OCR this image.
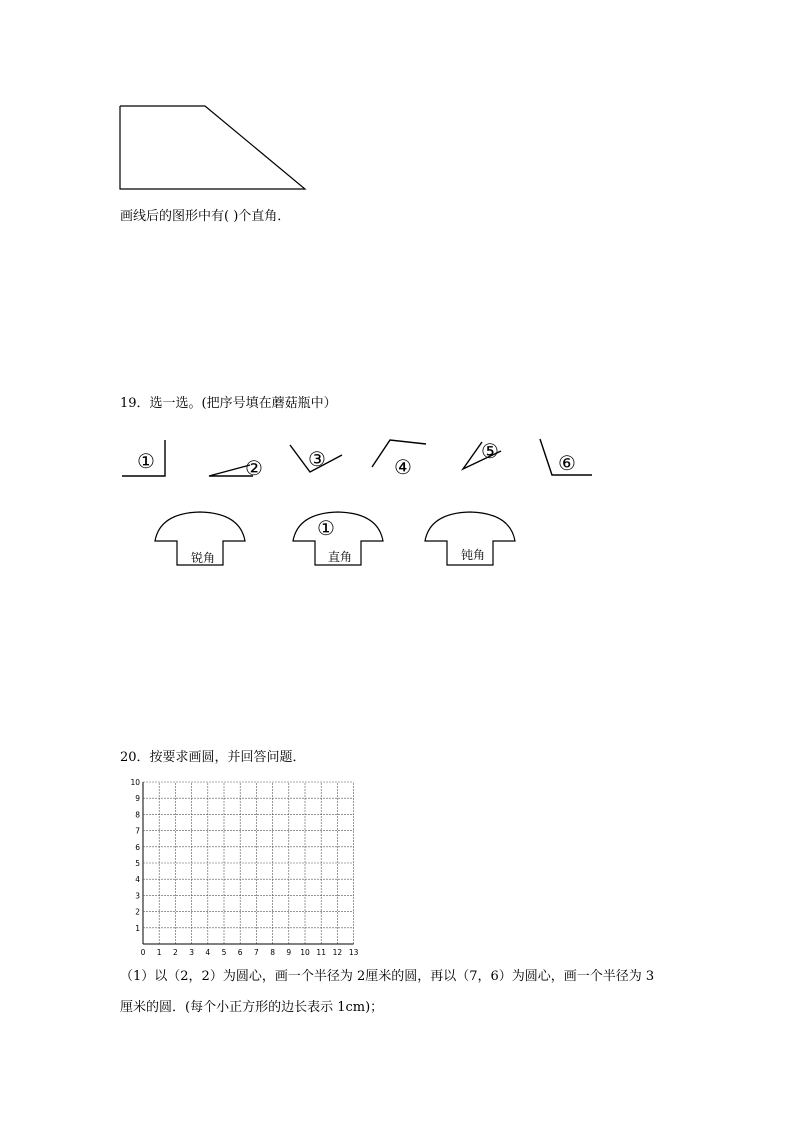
画线后的图形中有( )个直角．
19．选一选。(把序号填在蘑菇瓶中）
①	② ③	④
⑤	⑥
锐角
①
直角	钝角
20．按要求画圆，并回答问题．
0 1 2 3 4 5 6 7 8 9 10 11 12 13
1
2
3
4
5
6
7
8
9
10
（1）以（2，2）为圆心，画一个半径为 2厘米的圆，再以（7，6）为圆心，画一个半径为 3
厘米的圆．(每个小正方形的边长表示 1cm)；
